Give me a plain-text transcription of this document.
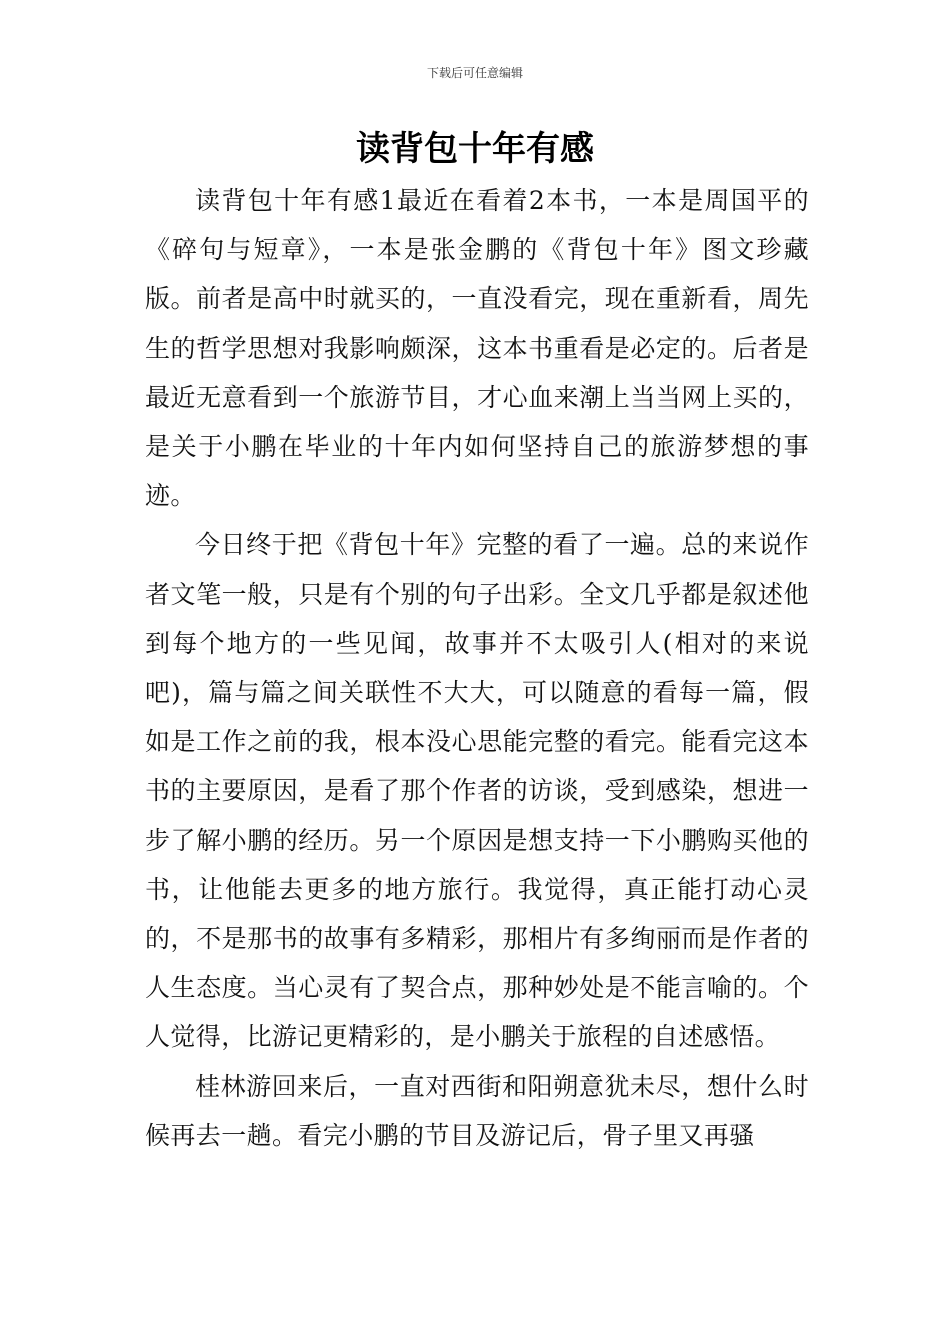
下载后可任意编辑
读背包十年有感

读背包十年有感1最近在看着2本书，一本是周国平的《碎句与短章》，一本是张金鹏的《背包十年》图文珍藏版。前者是高中时就买的，一直没看完，现在重新看，周先生的哲学思想对我影响颇深，这本书重看是必定的。后者是最近无意看到一个旅游节目，才心血来潮上当当网上买的，是关于小鹏在毕业的十年内如何坚持自己的旅游梦想的事迹。

今日终于把《背包十年》完整的看了一遍。总的来说作者文笔一般，只是有个别的句子出彩。全文几乎都是叙述他到每个地方的一些见闻，故事并不太吸引人(相对的来说吧)，篇与篇之间关联性不大大，可以随意的看每一篇，假如是工作之前的我，根本没心思能完整的看完。能看完这本书的主要原因，是看了那个作者的访谈，受到感染，想进一步了解小鹏的经历。另一个原因是想支持一下小鹏购买他的书，让他能去更多的地方旅行。我觉得，真正能打动心灵的，不是那书的故事有多精彩，那相片有多绚丽而是作者的人生态度。当心灵有了契合点，那种妙处是不能言喻的。个人觉得，比游记更精彩的，是小鹏关于旅程的自述感悟。

桂林游回来后，一直对西街和阳朔意犹未尽，想什么时候再去一趟。看完小鹏的节目及游记后，骨子里又再骚
